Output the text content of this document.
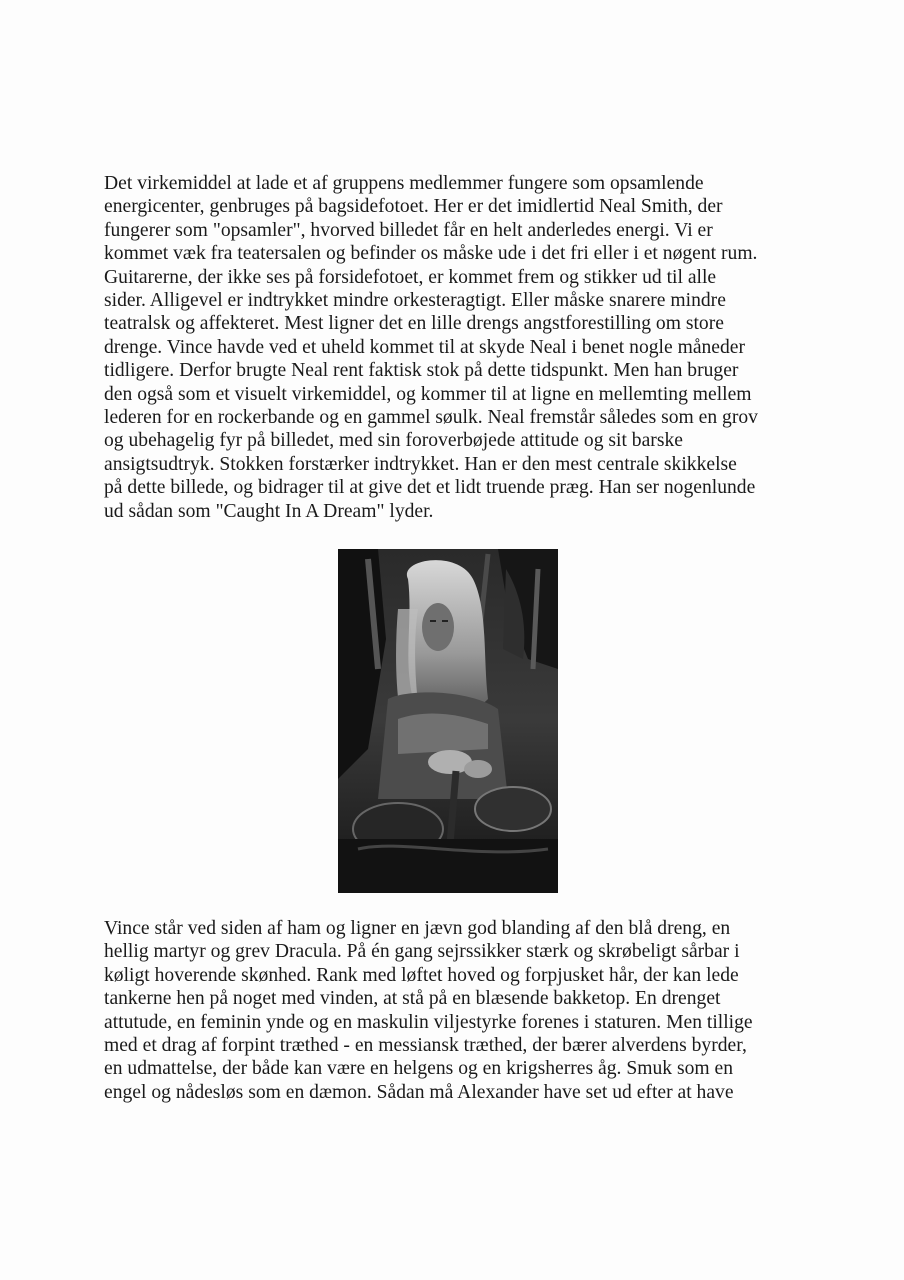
Det virkemiddel at lade et af gruppens medlemmer fungere som opsamlende
energicenter, genbruges på bagsidefotoet. Her er det imidlertid Neal Smith, der
fungerer som "opsamler", hvorved billedet får en helt anderledes energi. Vi er
kommet væk fra teatersalen og befinder os måske ude i det fri eller i et nøgent rum.
Guitarerne, der ikke ses på forsidefotoet, er kommet frem og stikker ud til alle
sider. Alligevel er indtrykket mindre orkesteragtigt. Eller måske snarere mindre
teatralsk og affekteret. Mest ligner det en lille drengs angstforestilling om store
drenge. Vince havde ved et uheld kommet til at skyde Neal i benet nogle måneder
tidligere. Derfor brugte Neal rent faktisk stok på dette tidspunkt. Men han bruger
den også som et visuelt virkemiddel, og kommer til at ligne en mellemting mellem
lederen for en rockerbande og en gammel søulk. Neal fremstår således som en grov
og ubehagelig fyr på billedet, med sin foroverbøjede attitude og sit barske
ansigtsudtryk. Stokken forstærker indtrykket. Han er den mest centrale skikkelse
på dette billede, og bidrager til at give det et lidt truende præg. Han ser nogenlunde
ud sådan som "Caught In A Dream" lyder.

Vince står ved siden af ham og ligner en jævn god blanding af den blå dreng, en
hellig martyr og grev Dracula. På én gang sejrssikker stærk og skrøbeligt sårbar i
køligt hoverende skønhed. Rank med løftet hoved og forpjusket hår, der kan lede
tankerne hen på noget med vinden, at stå på en blæsende bakketop. En drenget
attutude, en feminin ynde og en maskulin viljestyrke forenes i staturen. Men tillige
med et drag af forpint træthed - en messiansk træthed, der bærer alverdens byrder,
en udmattelse, der både kan være en helgens og en krigsherres åg. Smuk som en
engel og nådesløs som en dæmon. Sådan må Alexander have set ud efter at have
